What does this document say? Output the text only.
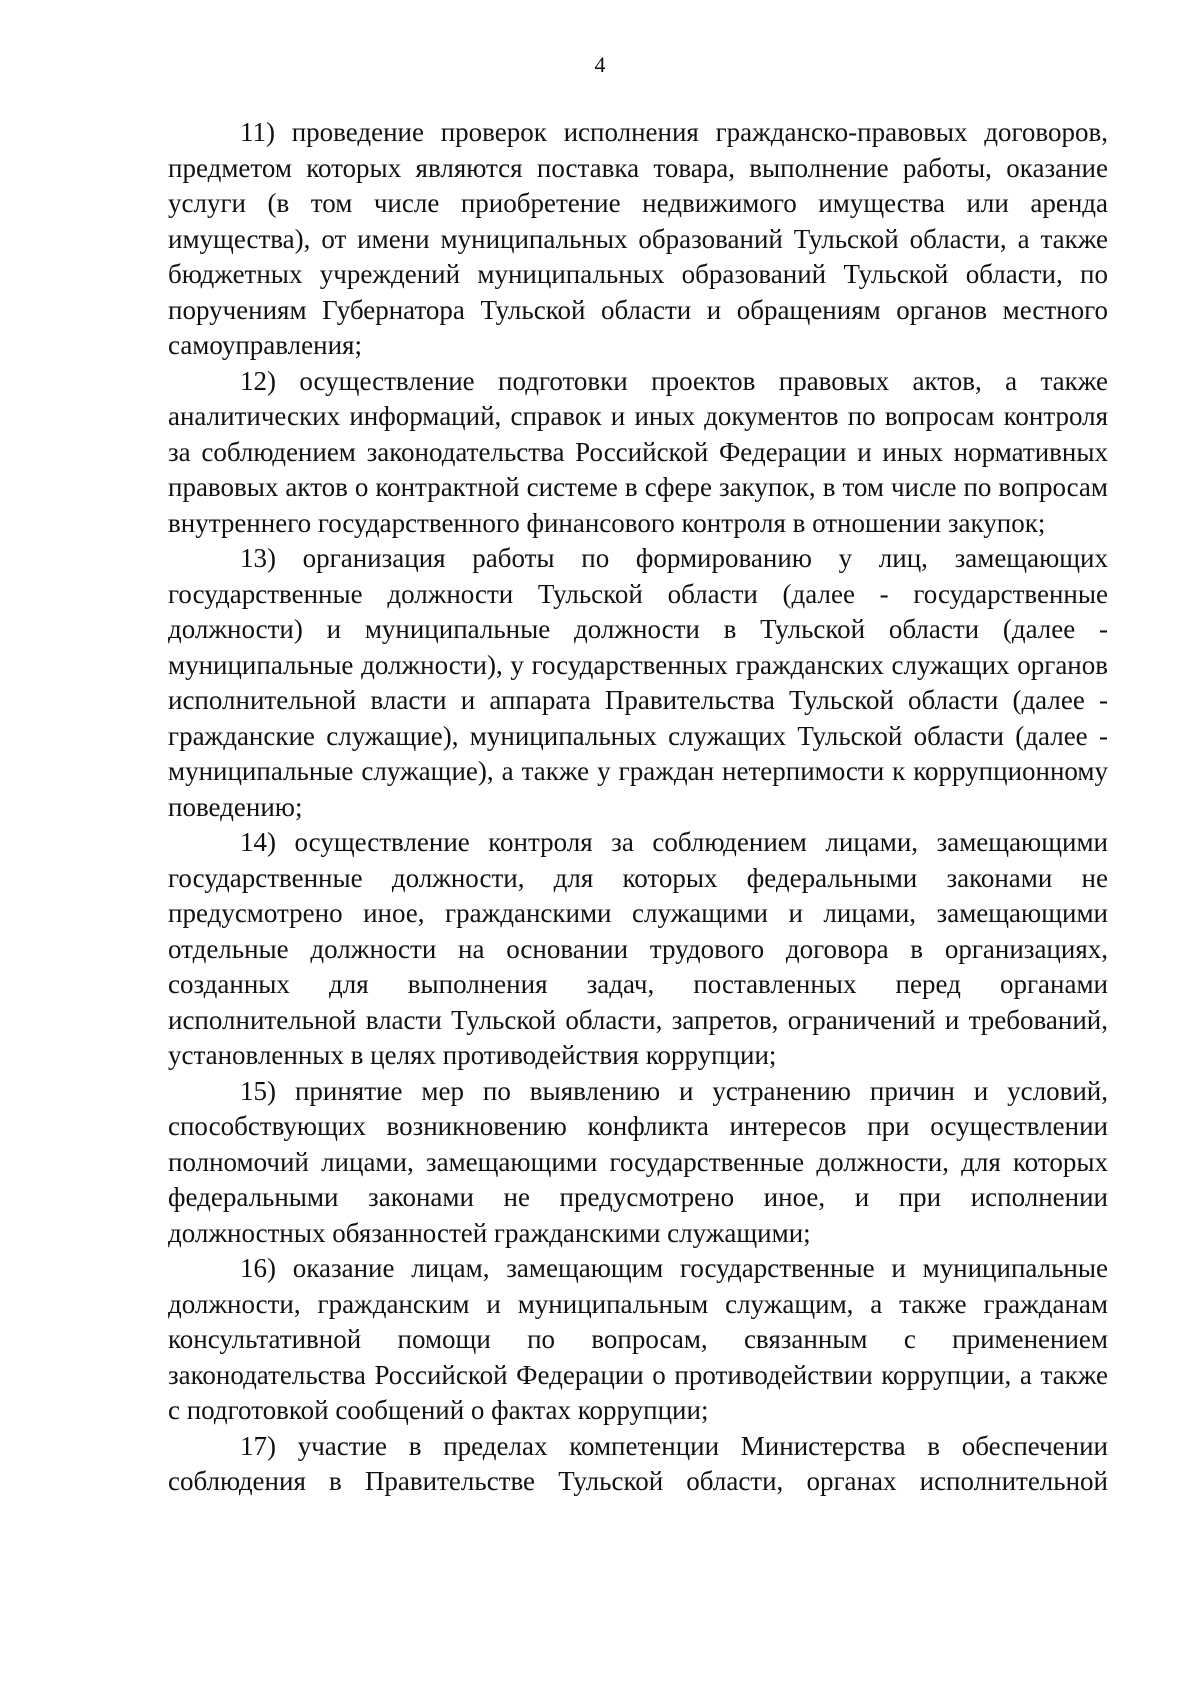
4

11) проведение проверок исполнения гражданско-правовых договоров, предметом которых являются поставка товара, выполнение работы, оказание услуги (в том числе приобретение недвижимого имущества или аренда имущества), от имени муниципальных образований Тульской области, а также бюджетных учреждений муниципальных образований Тульской области, по поручениям Губернатора Тульской области и обращениям органов местного самоуправления;

12) осуществление подготовки проектов правовых актов, а также аналитических информаций, справок и иных документов по вопросам контроля за соблюдением законодательства Российской Федерации и иных нормативных правовых актов о контрактной системе в сфере закупок, в том числе по вопросам внутреннего государственного финансового контроля в отношении закупок;

13) организация работы по формированию у лиц, замещающих государственные должности Тульской области (далее - государственные должности) и муниципальные должности в Тульской области (далее - муниципальные должности), у государственных гражданских служащих органов исполнительной власти и аппарата Правительства Тульской области (далее - гражданские служащие), муниципальных служащих Тульской области (далее - муниципальные служащие), а также у граждан нетерпимости к коррупционному поведению;

14) осуществление контроля за соблюдением лицами, замещающими государственные должности, для которых федеральными законами не предусмотрено иное, гражданскими служащими и лицами, замещающими отдельные должности на основании трудового договора в организациях, созданных для выполнения задач, поставленных перед органами исполнительной власти Тульской области, запретов, ограничений и требований, установленных в целях противодействия коррупции;

15) принятие мер по выявлению и устранению причин и условий, способствующих возникновению конфликта интересов при осуществлении полномочий лицами, замещающими государственные должности, для которых федеральными законами не предусмотрено иное, и при исполнении должностных обязанностей гражданскими служащими;

16) оказание лицам, замещающим государственные и муниципальные должности, гражданским и муниципальным служащим, а также гражданам консультативной помощи по вопросам, связанным с применением законодательства Российской Федерации о противодействии коррупции, а также с подготовкой сообщений о фактах коррупции;

17) участие в пределах компетенции Министерства в обеспечении соблюдения в Правительстве Тульской области, органах исполнительной
